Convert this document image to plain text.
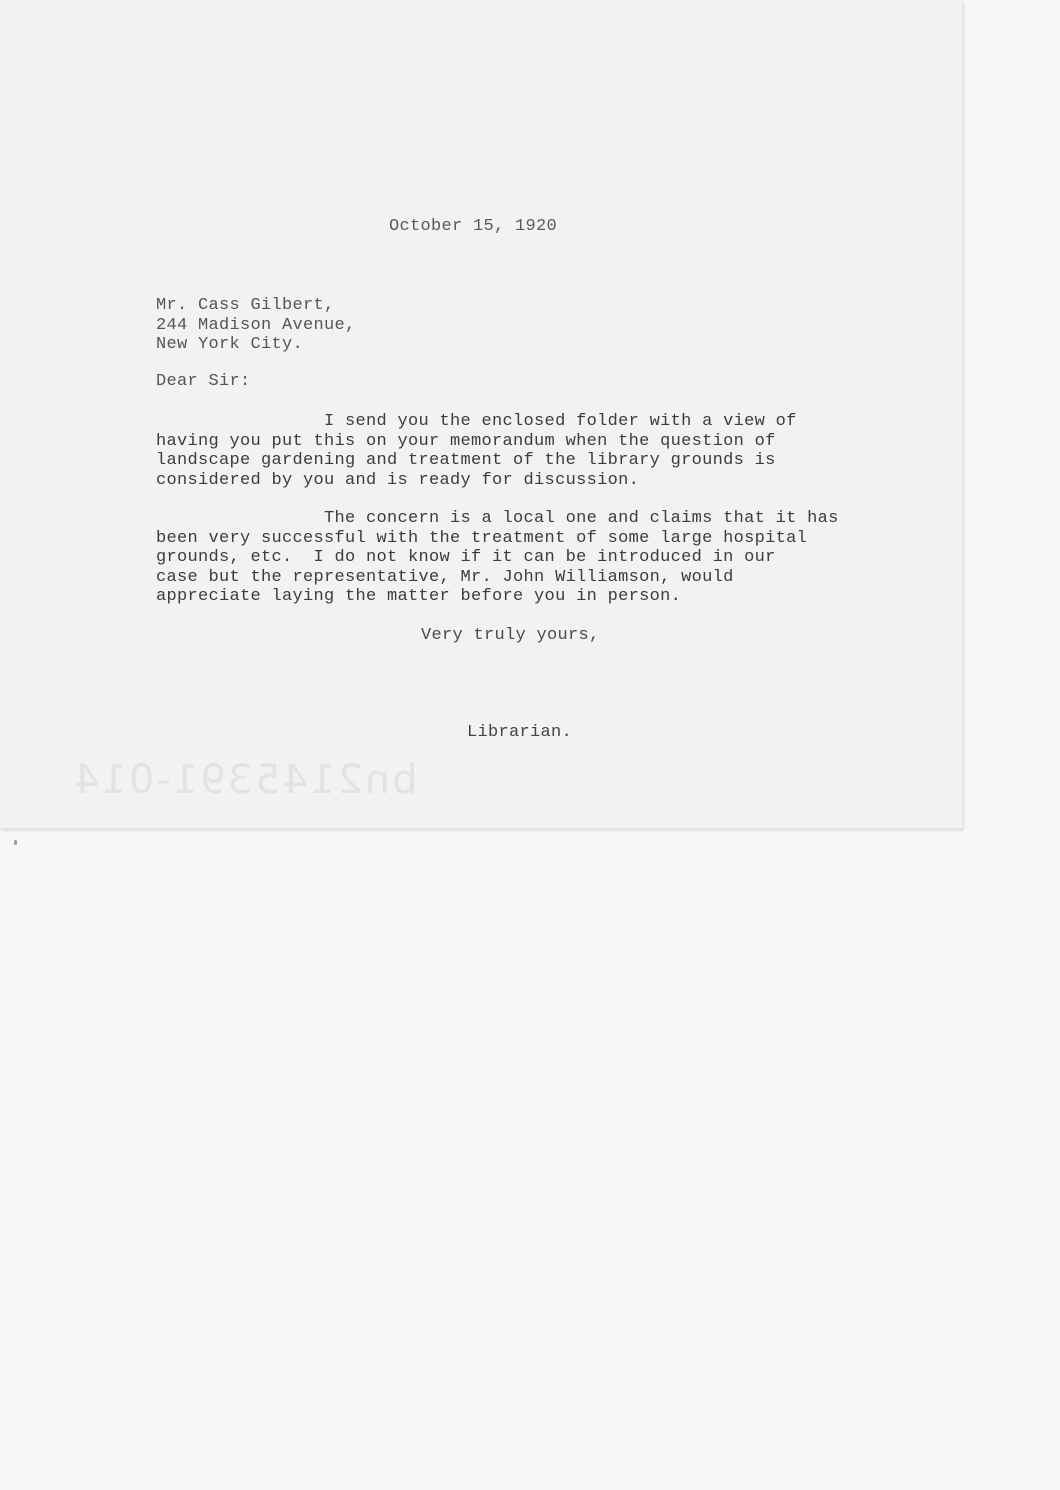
October 15, 1920
Mr. Cass Gilbert,
244 Madison Avenue,
New York City.
Dear Sir:
I send you the enclosed folder with a view of
having you put this on your memorandum when the question of
landscape gardening and treatment of the library grounds is
considered by you and is ready for discussion.
The concern is a local one and claims that it has
been very successful with the treatment of some large hospital
grounds, etc.  I do not know if it can be introduced in our
case but the representative, Mr. John Williamson, would
appreciate laying the matter before you in person.
Very truly yours,
Librarian.
bn2145391-014
